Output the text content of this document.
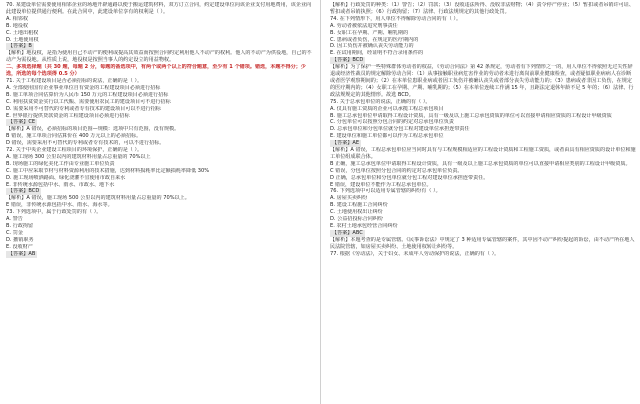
70. 某建设单位需要使用相邻企业的场地开辟通路以便于搬运建筑材料，双方订立合同，约定建设单位向该企业支付用地费用，该企业向此建设单位提供通行便利。在此合同中，此建设单位享有的权利是（ ）。
A. 相邻权
B. 地役权
C. 土地出租权
D. 土地使用权
【答案】B
【解析】地役权，是指为使用自己不动产的便利或提高其效益而按照合同约定利用他人不动产的权利。他人的不动产为供役地，自己的不动产为需役地。从性质上说，地役权是按照当事人的约定设立的用益物权。
二、多项选择题（共 30 题，每题 2 分，每题的备选项中，有两个或两个以上的符合题意，至少有 1 个错项。错选，本题不得分；少选，所选的每个选项得 0.5 分）
71. 关于工程建设项目是否必须招标的说法，正确的是（ ）。
A. 全部使用国有企业事业单位自有资金的工程建设项目必须进行招标
B. 施工单项合同估算价为人民币 150 万元的工程建设项目必须进行招标
C. 利用扶贫资金实行以工代赈、需要使用农民工的建设项目可不进行招标
D. 需要采用不可替代的专利或者专有技术的建设项目可以不进行招标
E. 世界银行提供贷款资金的工程建设项目必须进行招标
【答案】CE
【解析】A 错误，必须招标的项目范围—规模：选项中只有范围，没有规模。
B 错误，施工单项合同估算价在 400 万元以上的必须招标。
D 错误，需要采用不可替代的专利或者专有技术的，可以不进行招标。
72. 关于中央企业建设工程项目的环境保护，正确的是（ ）。
A. 施工现场 300 公里以内的建筑材料用量占总重量的 70%以上
B. 现场施工的绿化美化工作由专业施工单位负责
C. 施工中应采取节材与材料资源利用的技术措施，达到材料损耗率比定额损耗率降低 30%
D. 施工现场喷洒路面、绿化浇灌不宜使用市政自来水
E. 非传统水源包括中水、雨水、市政水、地下水
【答案】BCD
【解析】A 错误，施工现场 500 公里以内的建筑材料用量占总重量的 70%以上。
E 错误，非传统水源包括中水、雨水、海水等。
73. 下列选项中，属于行政处罚的有（ ）。
A. 警告
B. 行政拘留
C. 罚金
D. 撤销职务
E. 没收财产
【答案】AB
【解析】行政处罚的种类：（1）警告；（2）罚款；（3）没收违法所得、没收非法财物；（4）责令停产停业；（5）暂扣或者吊销许可证、暂扣或者吊销执照；（6）行政拘留；（7）法律、行政法规规定的其他行政处罚。
74. 在下列情形下，用人单位不得解除劳动合同的有（ ）。
A. 劳动者被依法追究刑事责任
B. 女职工在孕期、产期、哺乳期的
C. 患病或者负伤，在规定的医疗期内的
D. 因工负伤并被确认丧失劳动能力的
E. 在试用期间，经证明不符合录用条件的
【答案】BCD
【解析】为了保护一些特殊群体劳动者的权益，《劳动合同法》第 42 条规定，劳动者有下列情形之一的，用人单位不得依照无过失性辞退或经济性裁员的规定解除劳动合同：（1）从事接触职业病危害作业的劳动者未进行离岗前职业健康检查，或者疑似职业病病人在诊断或者医学观察期间的；（2）在本单位患职业病或者因工负伤并被确认丧失或者部分丧失劳动能力的；（3）患病或者非因工负伤，在规定的医疗期内的；（4）女职工在孕期、产期、哺乳期的；（5）在本单位连续工作满 15 年，且距法定退休年龄不足 5 年的；（6）法律、行政法规规定的其他情形。故选 BCD。
75. 关于总承包单位的说法，正确的有（ ）。
A. 仅具有施工资质的企业可以承揽工程总承包项目
B. 施工总承包单位申请取得工程设计资质，具有一级及以上施工总承包资质的单位可以直接申请相应资质的工程设计甲级资质
C. 分包单位可以按照分包合同的约定对总承包单位负责
D. 总承包单位和分包单位就分包工程对建设单位承担连带责任
E. 建设单位和施工单位都可以作为工程总承包单位
【答案】AE
【解析】A 错误，工程总承包单位应当同时具有与工程规模相适应的工程设计资质和工程施工资质，或者由具有相应资质的设计单位和施工单位组成联合体。
B 正确，施工总承包单位申请取得工程设计资质，具有一级及以上施工总承包资质的单位可以直接申请相应类别的工程设计甲级资质。
C 错误，分包单位按照分包合同的约定对总承包单位负责。
D 正确，总承包单位和分包单位就分包工程对建设单位承担连带责任。
E 错误，建设单位不能作为工程总承包单位。
76. 下列选项中可以适用专属管辖的纠纷有（ ）。
A. 房屋买卖纠纷
B. 建设工程施工合同纠纷
C. 土地使用权出让纠纷
D. 公益招投标合同纠纷
E. 农村土地承包经营合同纠纷
【答案】ABC
【解析】本题考查的是专属管辖。《民事诉讼法》中规定了 3 种适用专属管辖的案件，其中因不动产纠纷提起的诉讼，由不动产所在地人民法院管辖，如房屋买卖纠纷、土地使用权转让纠纷等。
77. 根据《劳动法》，关于妇女、未成年人劳动保护的说法，正确的有（ ）。
